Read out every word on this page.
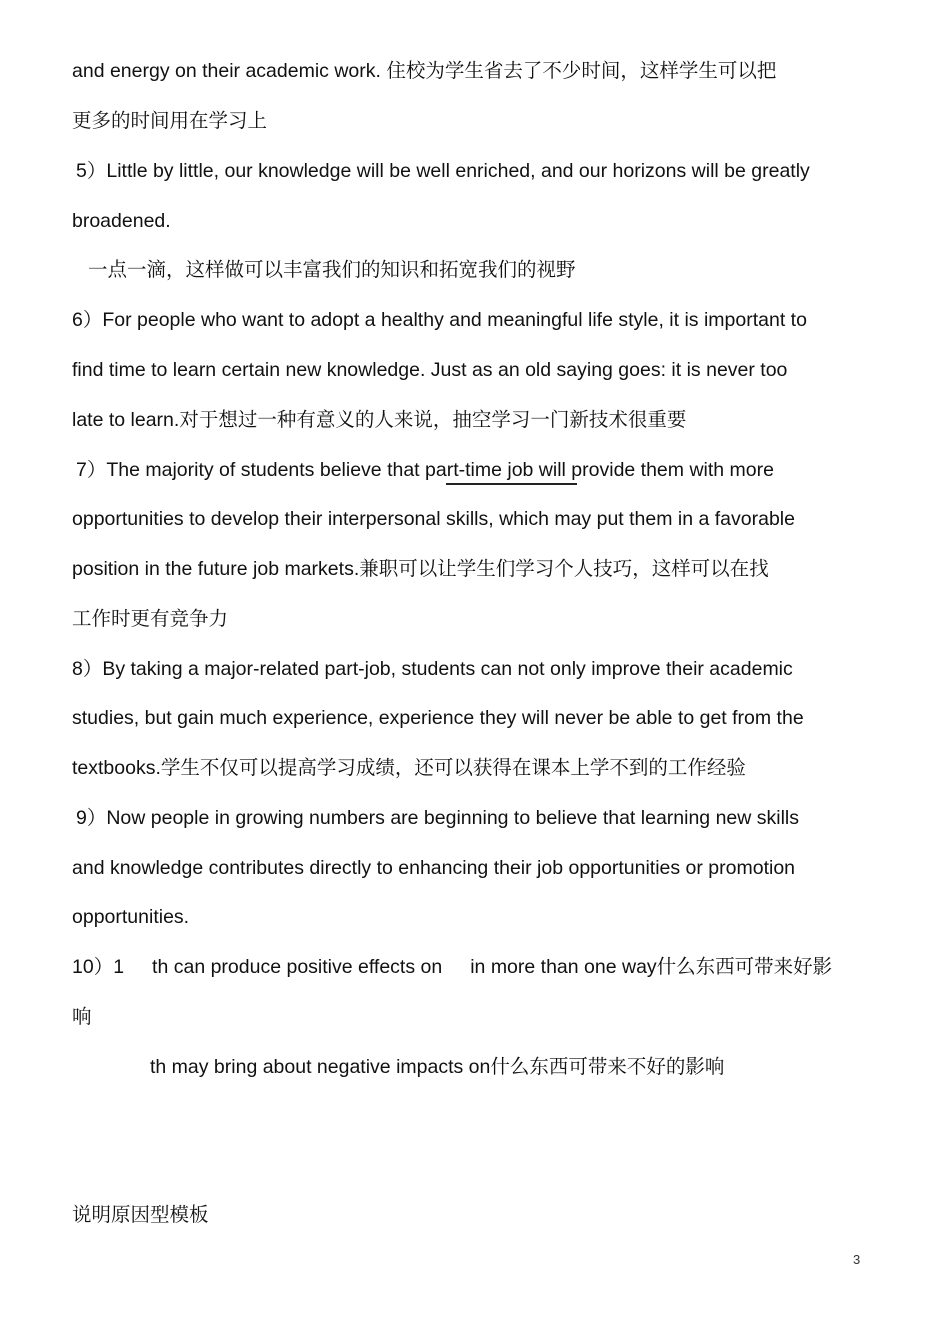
and energy on their academic work. 住校为学生省去了不少时间，这样学生可以把
更多的时间用在学习上
5）Little by little, our knowledge will be well enriched, and our horizons will be greatly
broadened.
一点一滴，这样做可以丰富我们的知识和拓宽我们的视野
6）For people who want to adopt a healthy and meaningful life style, it is important to
find time to learn certain new knowledge. Just as an old saying goes: it is never too
late to learn.对于想过一种有意义的人来说，抽空学习一门新技术很重要
7）The majority of students believe that part-time job will provide them with more
opportunities to develop their interpersonal skills, which may put them in a favorable
position in the future job markets.兼职可以让学生们学习个人技巧，这样可以在找
工作时更有竞争力
8）By taking a major-related part-job, students can not only improve their academic
studies, but gain much experience, experience they will never be able to get from the
textbooks.学生不仅可以提高学习成绩，还可以获得在课本上学不到的工作经验
9）Now people in growing numbers are beginning to believe that learning new skills
and knowledge contributes directly to enhancing their job opportunities or promotion
opportunities.
10）1 th can produce positive effects on in more than one way什么东西可带来好影
响
th may bring about negative impacts on什么东西可带来不好的影响
说明原因型模板
3
